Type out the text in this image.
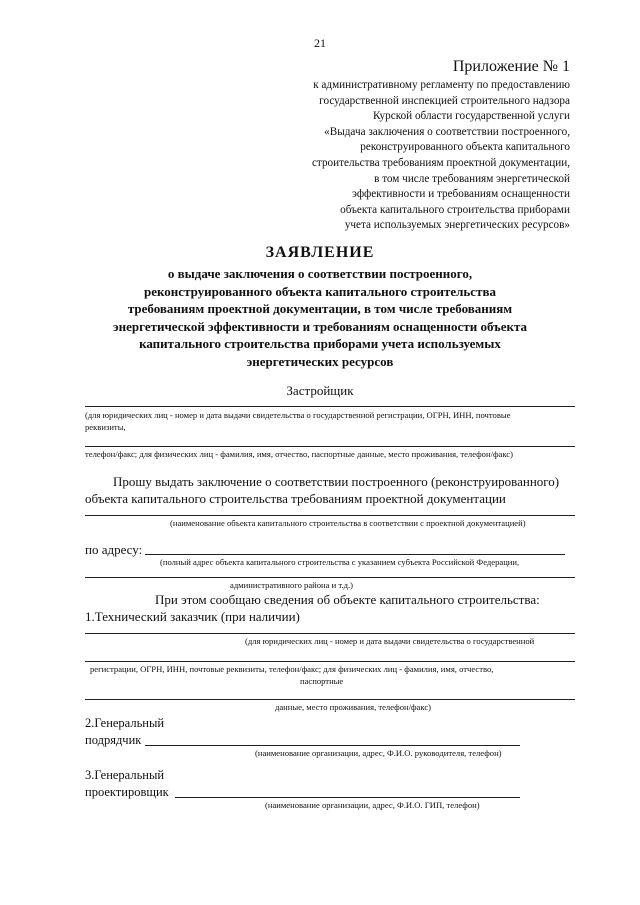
21
Приложение № 1
к административному регламенту по предоставлению
государственной инспекцией строительного надзора
Курской области государственной услуги
«Выдача заключения о соответствии построенного,
реконструированного объекта капитального
строительства требованиям проектной документации,
в том числе требованиям энергетической
эффективности и требованиям оснащенности
объекта капитального строительства приборами
учета используемых энергетических ресурсов»
ЗАЯВЛЕНИЕ
о выдаче заключения о соответствии построенного,
реконструированного объекта капитального строительства
требованиям проектной документации, в том числе требованиям
энергетической эффективности и требованиям оснащенности объекта
капитального строительства приборами учета используемых
энергетических ресурсов
Застройщик
(для юридических лиц - номер и дата выдачи свидетельства о государственной регистрации, ОГРН, ИНН, почтовые
реквизиты,
телефон/факс; для физических лиц - фамилия, имя, отчество, паспортные данные, место проживания, телефон/факс)
Прошу выдать заключение о соответствии построенного (реконструированного)
объекта капитального строительства требованиям проектной документации
(наименование объекта капитального строительства в соответствии с проектной документацией)
по адресу:
(полный адрес объекта капитального строительства с указанием субъекта Российской Федерации,
административного района и т.д.)
При этом сообщаю сведения об объекте капитального строительства:
1.Технический заказчик (при наличии)
(для юридических лиц - номер и дата выдачи свидетельства о государственной
регистрации, ОГРН, ИНН, почтовые реквизиты, телефон/факс; для физических лиц - фамилия, имя, отчество,
паспортные
данные, место проживания, телефон/факс)
2.Генеральный
подрядчик
(наименование организации, адрес, Ф.И.О. руководителя, телефон)
3.Генеральный
проектировщик
(наименование организации, адрес, Ф.И.О. ГИП, телефон)
